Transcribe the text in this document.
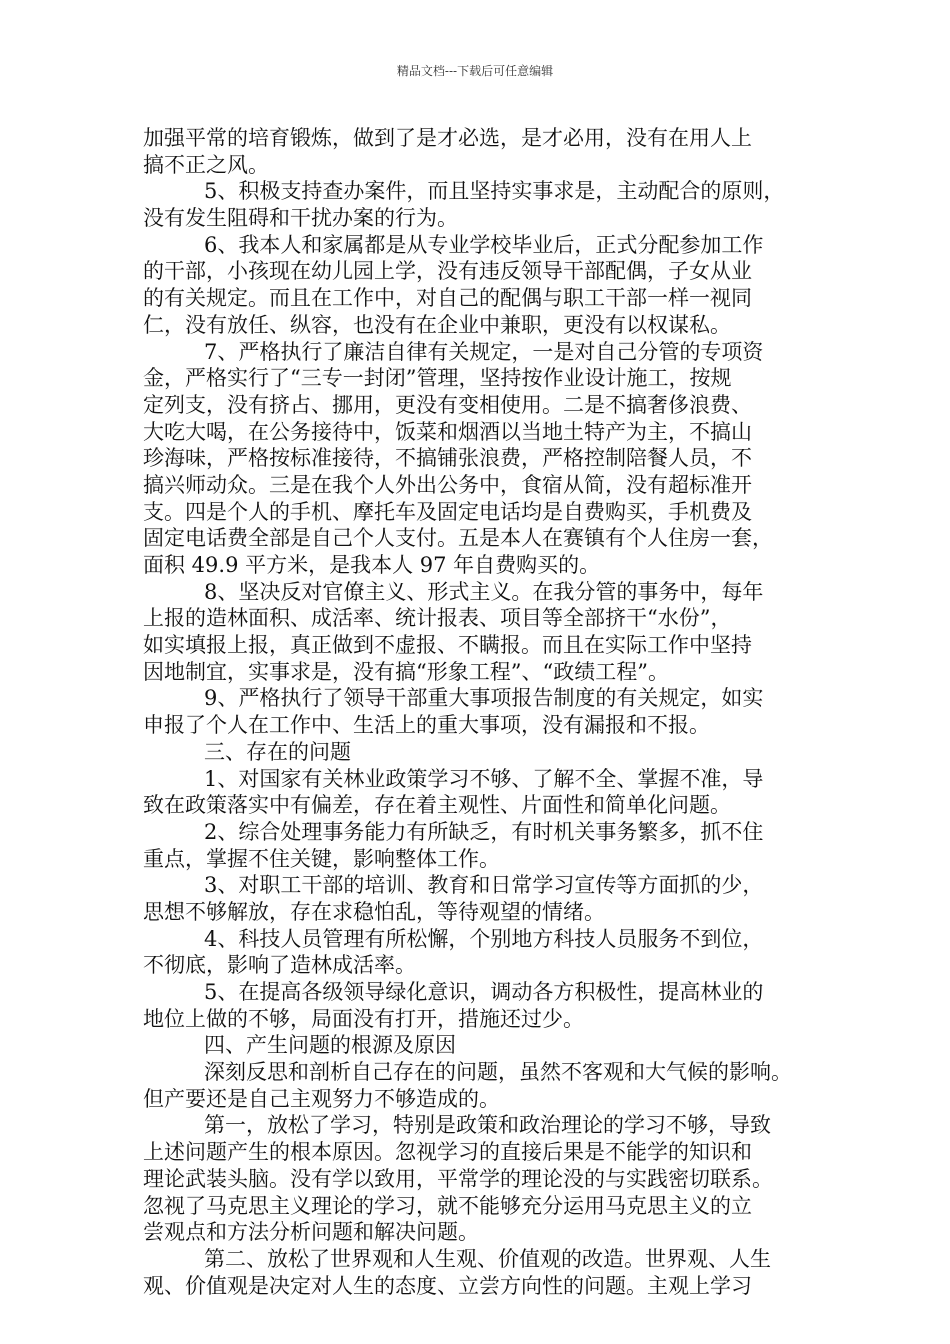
精品文档---下载后可任意编辑
加强平常的培育锻炼，做到了是才必选，是才必用，没有在用人上
搞不正之风。
5、积极支持查办案件，而且坚持实事求是，主动配合的原则，
没有发生阻碍和干扰办案的行为。
6、我本人和家属都是从专业学校毕业后，正式分配参加工作
的干部，小孩现在幼儿园上学，没有违反领导干部配偶，子女从业
的有关规定。而且在工作中，对自己的配偶与职工干部一样一视同
仁，没有放任、纵容，也没有在企业中兼职，更没有以权谋私。
7、严格执行了廉洁自律有关规定，一是对自己分管的专项资
金，严格实行了“三专一封闭”管理，坚持按作业设计施工，按规
定列支，没有挤占、挪用，更没有变相使用。二是不搞奢侈浪费、
大吃大喝，在公务接待中，饭菜和烟酒以当地土特产为主，不搞山
珍海味，严格按标准接待，不搞铺张浪费，严格控制陪餐人员，不
搞兴师动众。三是在我个人外出公务中，食宿从简，没有超标准开
支。四是个人的手机、摩托车及固定电话均是自费购买，手机费及
固定电话费全部是自己个人支付。五是本人在赛镇有个人住房一套，
面积 49.9 平方米，是我本人 97 年自费购买的。
8、坚决反对官僚主义、形式主义。在我分管的事务中，每年
上报的造林面积、成活率、统计报表、项目等全部挤干“水份”，
如实填报上报，真正做到不虚报、不瞒报。而且在实际工作中坚持
因地制宜，实事求是，没有搞“形象工程”、“政绩工程”。
9、严格执行了领导干部重大事项报告制度的有关规定，如实
申报了个人在工作中、生活上的重大事项，没有漏报和不报。
三、存在的问题
1、对国家有关林业政策学习不够、了解不全、掌握不准，导
致在政策落实中有偏差，存在着主观性、片面性和简单化问题。
2、综合处理事务能力有所缺乏，有时机关事务繁多，抓不住
重点，掌握不住关键，影响整体工作。
3、对职工干部的培训、教育和日常学习宣传等方面抓的少，
思想不够解放，存在求稳怕乱，等待观望的情绪。
4、科技人员管理有所松懈，个别地方科技人员服务不到位，
不彻底，影响了造林成活率。
5、在提高各级领导绿化意识，调动各方积极性，提高林业的
地位上做的不够，局面没有打开，措施还过少。
四、产生问题的根源及原因
深刻反思和剖析自己存在的问题，虽然不客观和大气候的影响。
但产要还是自己主观努力不够造成的。
第一，放松了学习，特别是政策和政治理论的学习不够，导致
上述问题产生的根本原因。忽视学习的直接后果是不能学的知识和
理论武装头脑。没有学以致用，平常学的理论没的与实践密切联系。
忽视了马克思主义理论的学习，就不能够充分运用马克思主义的立
尝观点和方法分析问题和解决问题。
第二、放松了世界观和人生观、价值观的改造。世界观、人生
观、价值观是决定对人生的态度、立尝方向性的问题。主观上学习
